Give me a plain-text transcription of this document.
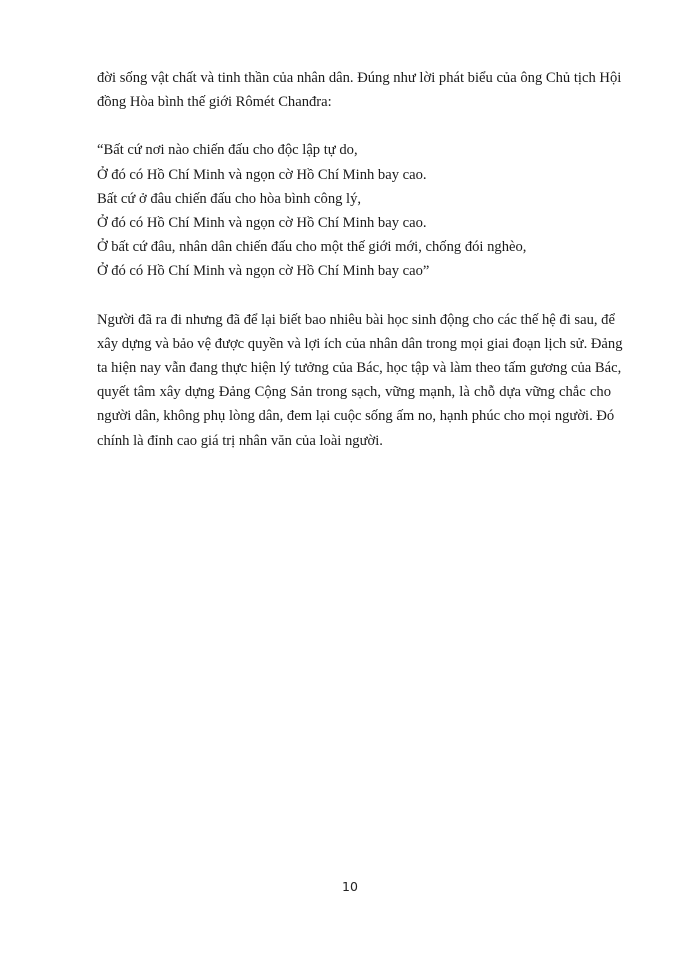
đời sống vật chất và tinh thần của nhân dân. Đúng như lời phát biểu của ông Chủ tịch Hội
đồng Hòa bình thế giới Rômét Chanđra:

“Bất cứ nơi nào chiến đấu cho độc lập tự do,
Ở đó có Hồ Chí Minh và ngọn cờ Hồ Chí Minh bay cao.
Bất cứ ở đâu chiến đấu cho hòa bình công lý,
Ở đó có Hồ Chí Minh và ngọn cờ Hồ Chí Minh bay cao.
Ở bất cứ đâu, nhân dân chiến đấu cho một thế giới mới, chống đói nghèo,
Ở đó có Hồ Chí Minh và ngọn cờ Hồ Chí Minh bay cao”

Người đã ra đi nhưng đã để lại biết bao nhiêu bài học sinh động cho các thế hệ đi sau, để
xây dựng và bảo vệ được quyền và lợi ích của nhân dân trong mọi giai đoạn lịch sử. Đảng
ta hiện nay vẫn đang thực hiện lý tưởng của Bác, học tập và làm theo tấm gương của Bác,
quyết tâm xây dựng Đảng Cộng Sản trong sạch, vững mạnh, là chỗ dựa vững chắc cho
người dân, không phụ lòng dân, đem lại cuộc sống ấm no, hạnh phúc cho mọi người. Đó
chính là đỉnh cao giá trị nhân văn của loài người.

10
